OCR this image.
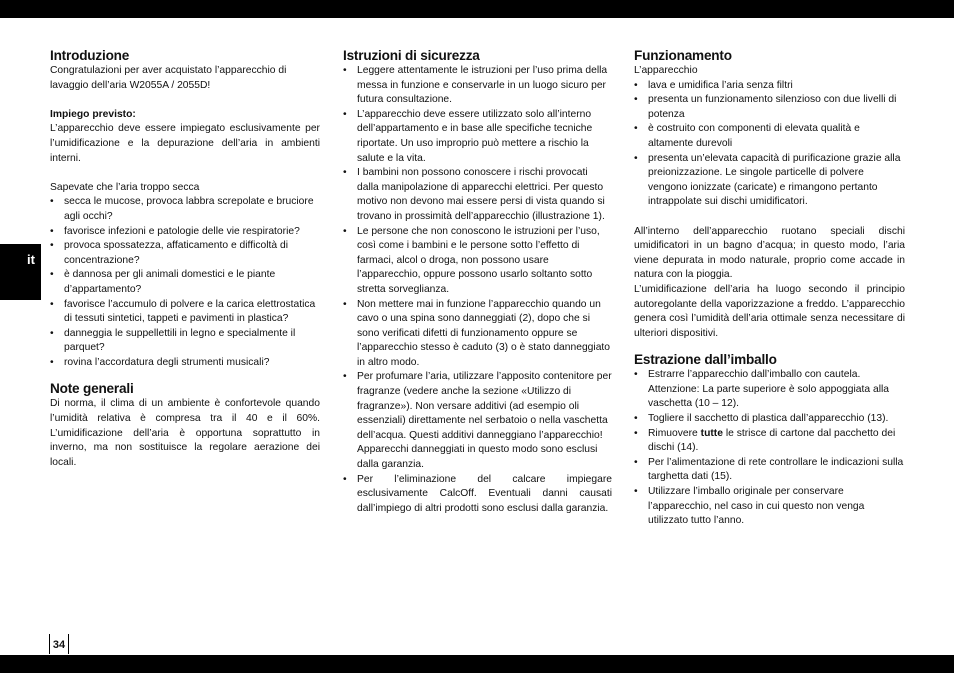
it
Introduzione

Congratulazioni per aver acquistato l’apparecchio di lavaggio dell’aria W2055A / 2055D!

Impiego previsto:

L’apparecchio deve essere impiegato esclusivamente per l’umidificazione e la depurazione dell’aria in ambienti interni.

Sapevate che l’aria troppo secca

• secca le mucose, provoca labbra screpolate e bruciore agli occhi?
• favorisce infezioni e patologie delle vie respiratorie?
• provoca spossatezza, affaticamento e difficoltà di concentrazione?
• è dannosa per gli animali domestici e le piante d’appartamento?
• favorisce l’accumulo di polvere e la carica elettrostatica di tessuti sintetici, tappeti e pavimenti in plastica?
• danneggia le suppellettili in legno e specialmente il parquet?
• rovina l’accordatura degli strumenti musicali?
Note generali

Di norma, il clima di un ambiente è confortevole quando l’umidità relativa è compresa tra il 40 e il 60%. L’umidificazione dell’aria è opportuna soprattutto in inverno, ma non sostituisce la regolare aerazione dei locali.

Istruzioni di sicurezza
• Leggere attentamente le istruzioni per l’uso prima della messa in funzione e conservarle in un luogo sicuro per futura consultazione.
• L’apparecchio deve essere utilizzato solo all’interno dell’appartamento e in base alle specifiche tecniche riportate. Un uso improprio può mettere a rischio la salute e la vita.
• I bambini non possono conoscere i rischi provocati dalla manipolazione di apparecchi elettrici. Per questo motivo non devono mai essere persi di vista quando si trovano in prossimità dell’apparecchio (illustrazione 1).
• Le persone che non conoscono le istruzioni per l’uso, così come i bambini e le persone sotto l’effetto di farmaci, alcol o droga, non possono usare l’apparecchio, oppure possono usarlo soltanto sotto stretta sorveglianza.
• Non mettere mai in funzione l’apparecchio quando un cavo o una spina sono danneggiati (2), dopo che si sono verificati difetti di funzionamento oppure se l’apparecchio stesso è caduto (3) o è stato danneggiato in altro modo.
• Per profumare l’aria, utilizzare l’apposito contenitore per fragranze (vedere anche la sezione «Utilizzo di fragranze»). Non versare additivi (ad esempio oli essenziali) direttamente nel serbatoio o nella vaschetta dell’acqua. Questi additivi danneggiano l’apparecchio! Apparecchi danneggiati in questo modo sono esclusi dalla garanzia.
• Per l’eliminazione del calcare impiegare esclusivamente CalcOff. Eventuali danni causati dall’impiego di altri prodotti sono esclusi dalla garanzia.
Funzionamento

L’apparecchio

• lava e umidifica l’aria senza filtri
• presenta un funzionamento silenzioso con due livelli di potenza
• è costruito con componenti di elevata qualità e altamente durevoli
• presenta un’elevata capacità di purificazione grazie alla preionizzazione. Le singole particelle di polvere vengono ionizzate (caricate) e rimangono pertanto intrappolate sui dischi umidificatori.

All’interno dell’apparecchio ruotano speciali dischi umidificatori in un bagno d’acqua; in questo modo, l’aria viene depurata in modo naturale, proprio come accade in natura con la pioggia.

L’umidificazione dell’aria ha luogo secondo il principio autoregolante della vaporizzazione a freddo. L’apparecchio genera così l’umidità dell’aria ottimale senza necessitare di ulteriori dispositivi.

Estrazione dall’imballo
• Estrarre l’apparecchio dall’imballo con cautela. Attenzione: La parte superiore è solo appoggiata alla vaschetta (10 – 12).
• Togliere il sacchetto di plastica dall’apparecchio (13).
• Rimuovere tutte le strisce di cartone dal pacchetto dei dischi (14).
• Per l’alimentazione di rete controllare le indicazioni sulla targhetta dati (15).
• Utilizzare l’imballo originale per conservare l’apparecchio, nel caso in cui questo non venga utilizzato tutto l’anno.
34
